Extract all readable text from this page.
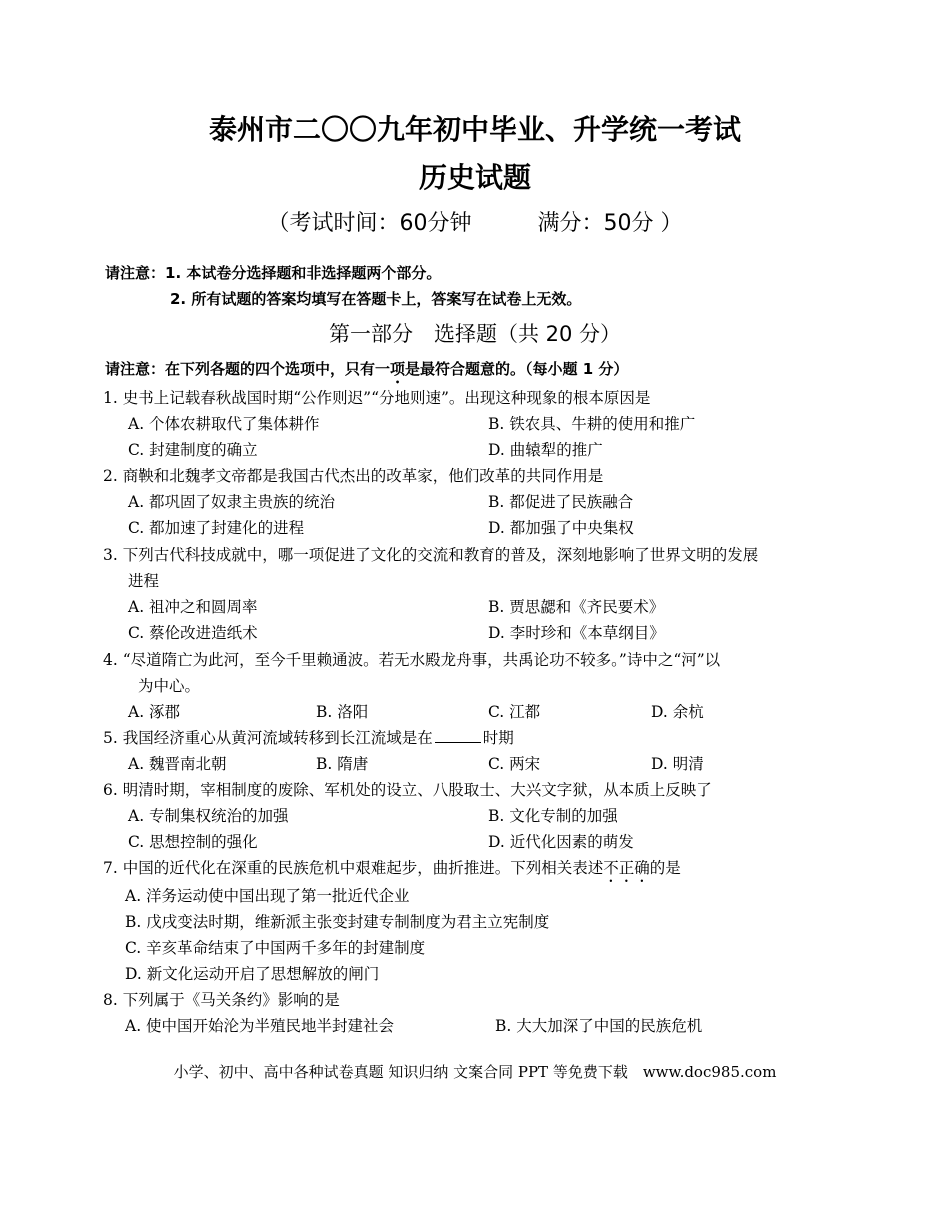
泰州市二〇〇九年初中毕业、升学统一考试
历史试题
（考试时间：60分钟　　　满分：50分 ）
请注意：1. 本试卷分选择题和非选择题两个部分。
2. 所有试题的答案均填写在答题卡上，答案写在试卷上无效。
第一部分　选择题（共 20 分）
请注意：在下列各题的四个选项中，只有一项是最符合题意的。（每小题 1 分）
1. 史书上记载春秋战国时期“公作则迟”“分地则速”。出现这种现象的根本原因是
A. 个体农耕取代了集体耕作	B. 铁农具、牛耕的使用和推广
C. 封建制度的确立	D. 曲辕犁的推广
2. 商鞅和北魏孝文帝都是我国古代杰出的改革家，他们改革的共同作用是
A. 都巩固了奴隶主贵族的统治	B. 都促进了民族融合
C. 都加速了封建化的进程	D. 都加强了中央集权
3. 下列古代科技成就中，哪一项促进了文化的交流和教育的普及，深刻地影响了世界文明的发展
进程
A. 祖冲之和圆周率	B. 贾思勰和《齐民要术》
C. 蔡伦改进造纸术	D. 李时珍和《本草纲目》
4. “尽道隋亡为此河，至今千里赖通波。若无水殿龙舟事，共禹论功不较多。”诗中之“河”以
为中心。
A. 涿郡	B. 洛阳	C. 江都	D. 余杭
5. 我国经济重心从黄河流域转移到长江流域是在	时期
A. 魏晋南北朝	B. 隋唐	C. 两宋	D. 明清
6. 明清时期，宰相制度的废除、军机处的设立、八股取士、大兴文字狱，从本质上反映了
A. 专制集权统治的加强	B. 文化专制的加强
C. 思想控制的强化	D. 近代化因素的萌发
7. 中国的近代化在深重的民族危机中艰难起步，曲折推进。下列相关表述不正确的是
A. 洋务运动使中国出现了第一批近代企业
B. 戊戌变法时期，维新派主张变封建专制制度为君主立宪制度
C. 辛亥革命结束了中国两千多年的封建制度
D. 新文化运动开启了思想解放的闸门
8. 下列属于《马关条约》影响的是
A. 使中国开始沦为半殖民地半封建社会	B. 大大加深了中国的民族危机
小学、初中、高中各种试卷真题 知识归纳 文案合同 PPT 等免费下载　www.doc985.com
